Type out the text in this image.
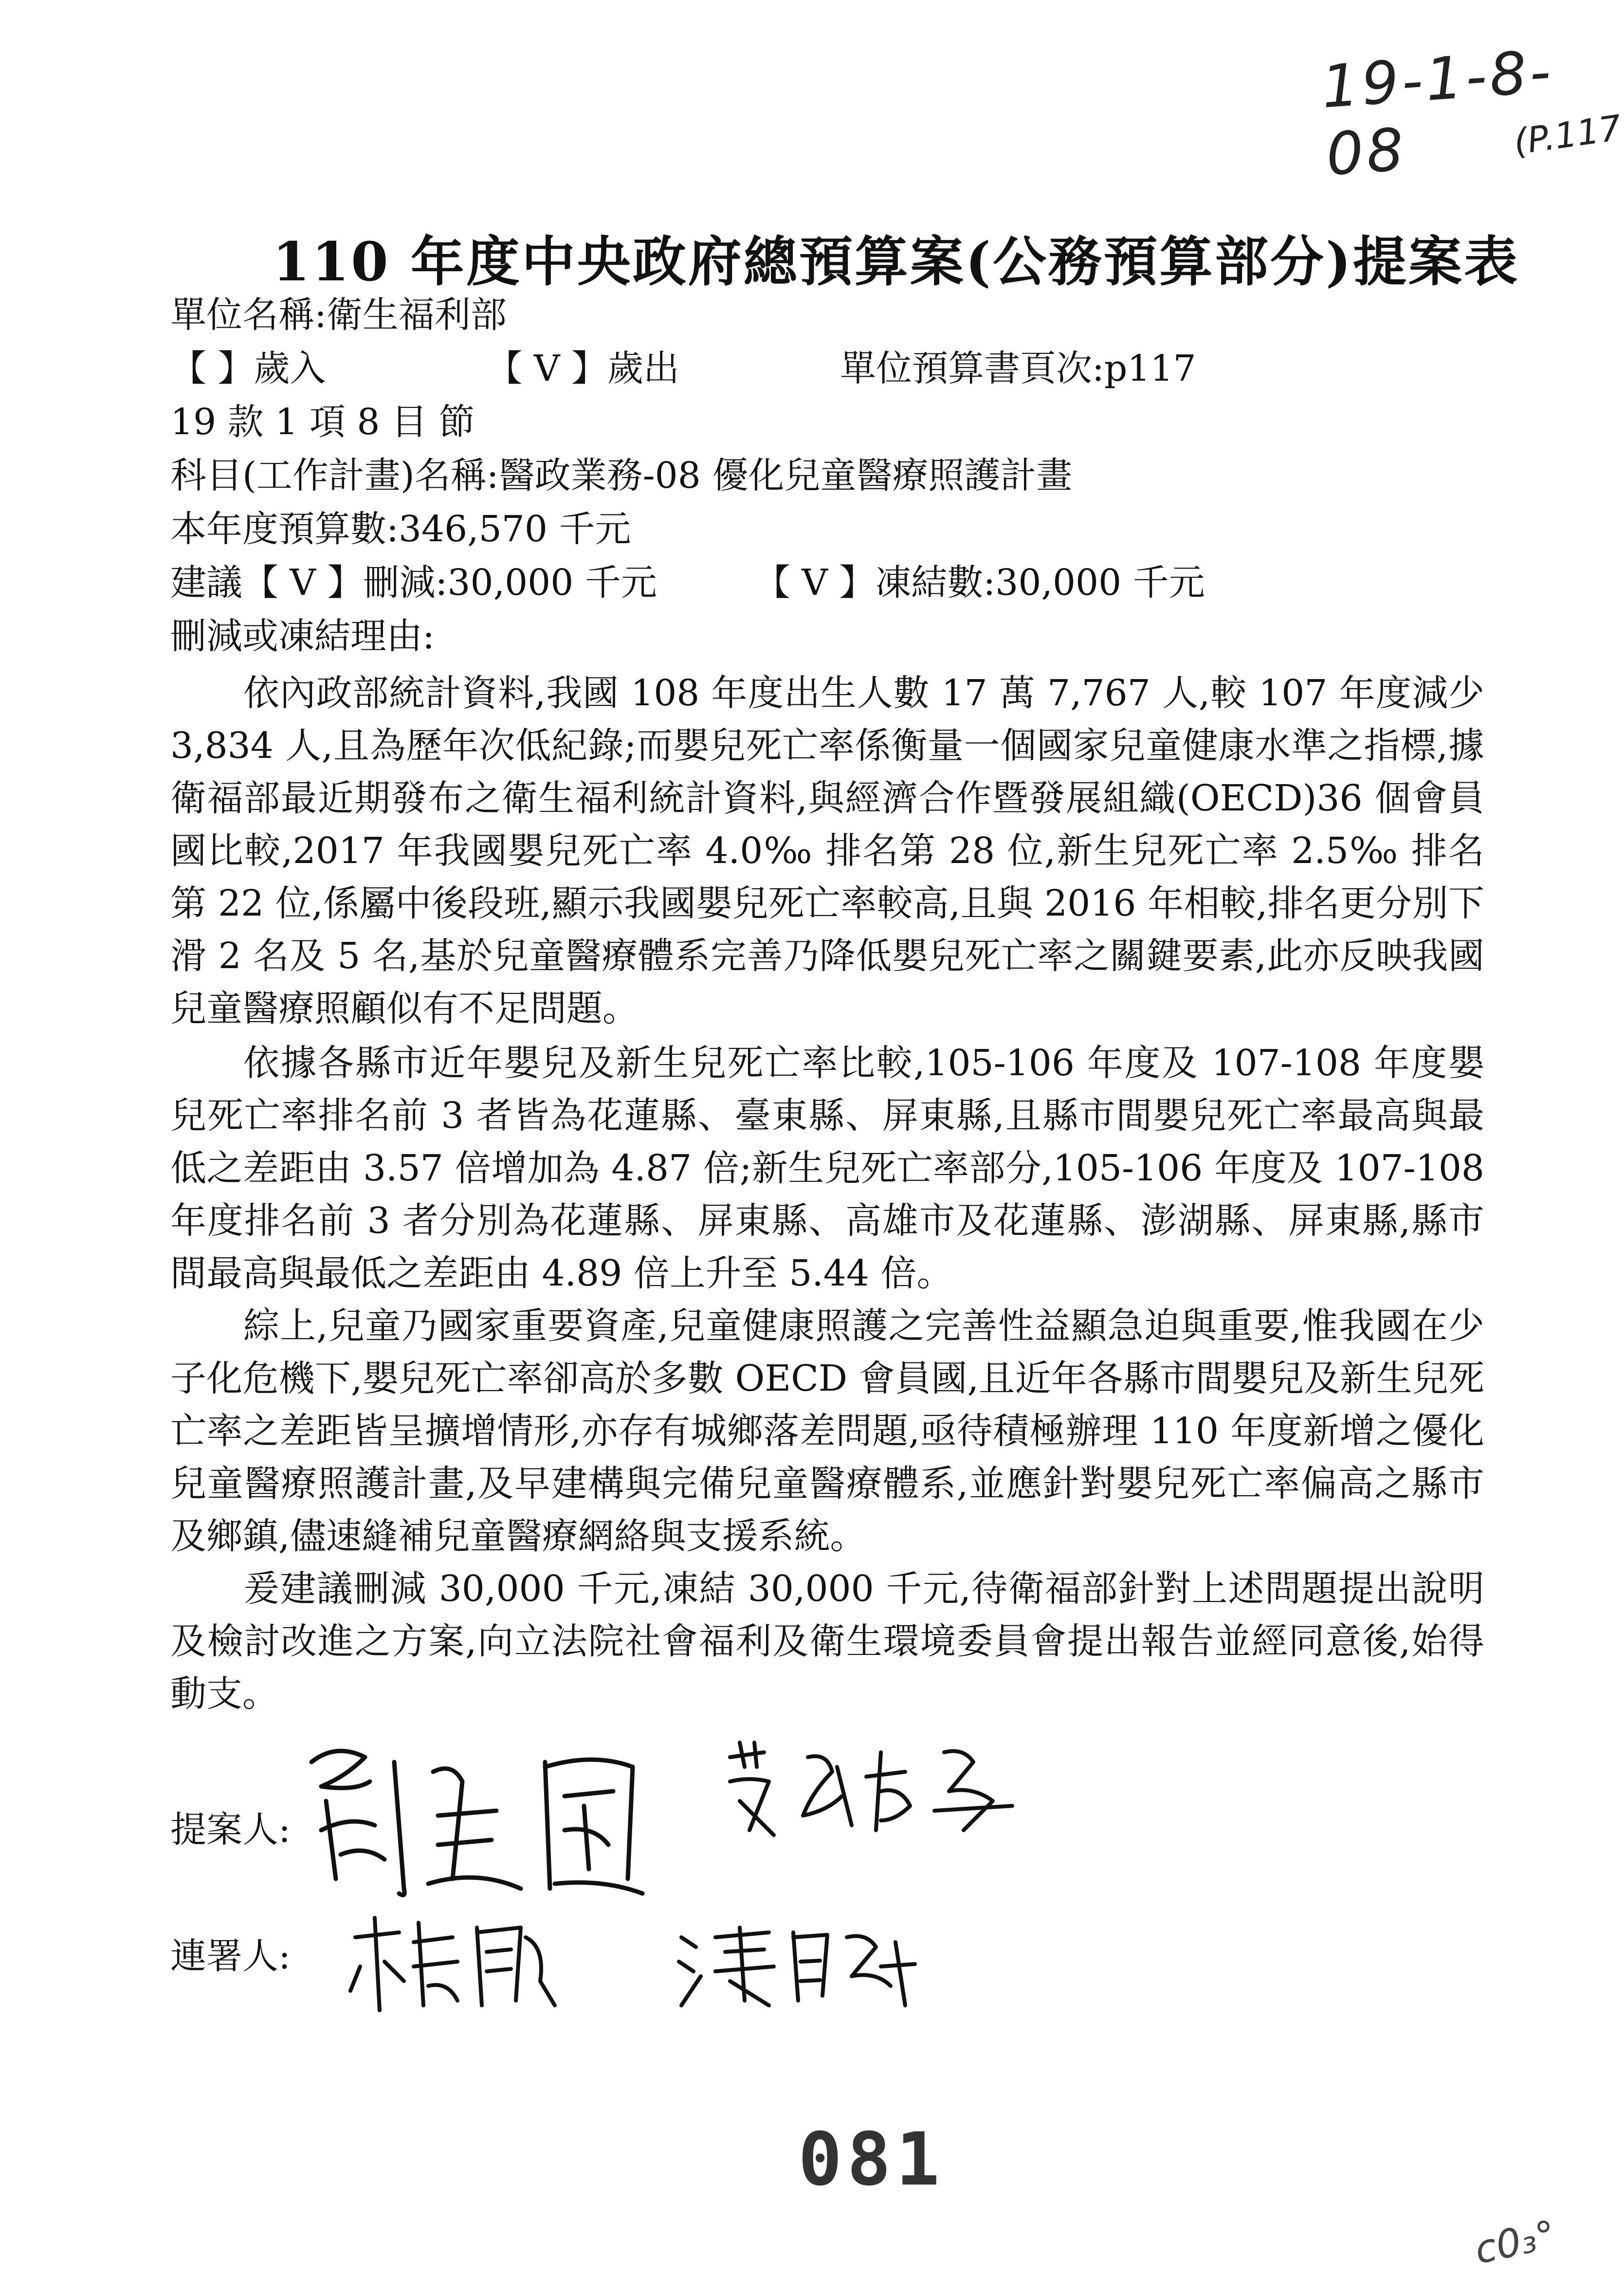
19-1-8-08	(P.117
110 年度中央政府總預算案(公務預算部分)提案表
單位名稱:衛生福利部
【 】歲入	【 V 】歲出	單位預算書頁次:p117
19 款 1 項 8 目 節
科目(工作計畫)名稱:醫政業務-08 優化兒童醫療照護計畫
本年度預算數:346,570 千元
建議【 V 】刪減:30,000 千元	【 V 】凍結數:30,000 千元
刪減或凍結理由:
依內政部統計資料,我國 108 年度出生人數 17 萬 7,767 人,較 107 年度減少 3,834 人,且為歷年次低紀錄;而嬰兒死亡率係衡量一個國家兒童健康水準之指標,據衛福部最近期發布之衛生福利統計資料,與經濟合作暨發展組織(OECD)36 個會員國比較,2017 年我國嬰兒死亡率 4.0‰ 排名第 28 位,新生兒死亡率 2.5‰ 排名第 22 位,係屬中後段班,顯示我國嬰兒死亡率較高,且與 2016 年相較,排名更分別下滑 2 名及 5 名,基於兒童醫療體系完善乃降低嬰兒死亡率之關鍵要素,此亦反映我國兒童醫療照顧似有不足問題。
依據各縣市近年嬰兒及新生兒死亡率比較,105-106 年度及 107-108 年度嬰兒死亡率排名前 3 者皆為花蓮縣、臺東縣、屏東縣,且縣市間嬰兒死亡率最高與最低之差距由 3.57 倍增加為 4.87 倍;新生兒死亡率部分,105-106 年度及 107-108 年度排名前 3 者分別為花蓮縣、屏東縣、高雄市及花蓮縣、澎湖縣、屏東縣,縣市間最高與最低之差距由 4.89 倍上升至 5.44 倍。
綜上,兒童乃國家重要資產,兒童健康照護之完善性益顯急迫與重要,惟我國在少子化危機下,嬰兒死亡率卻高於多數 OECD 會員國,且近年各縣市間嬰兒及新生兒死亡率之差距皆呈擴增情形,亦存有城鄉落差問題,亟待積極辦理 110 年度新增之優化兒童醫療照護計畫,及早建構與完備兒童醫療體系,並應針對嬰兒死亡率偏高之縣市及鄉鎮,儘速縫補兒童醫療網絡與支援系統。
爰建議刪減 30,000 千元,凍結 30,000 千元,待衛福部針對上述問題提出說明及檢討改進之方案,向立法院社會福利及衛生環境委員會提出報告並經同意後,始得動支。
提案人:
連署人:
081
c0₃°
